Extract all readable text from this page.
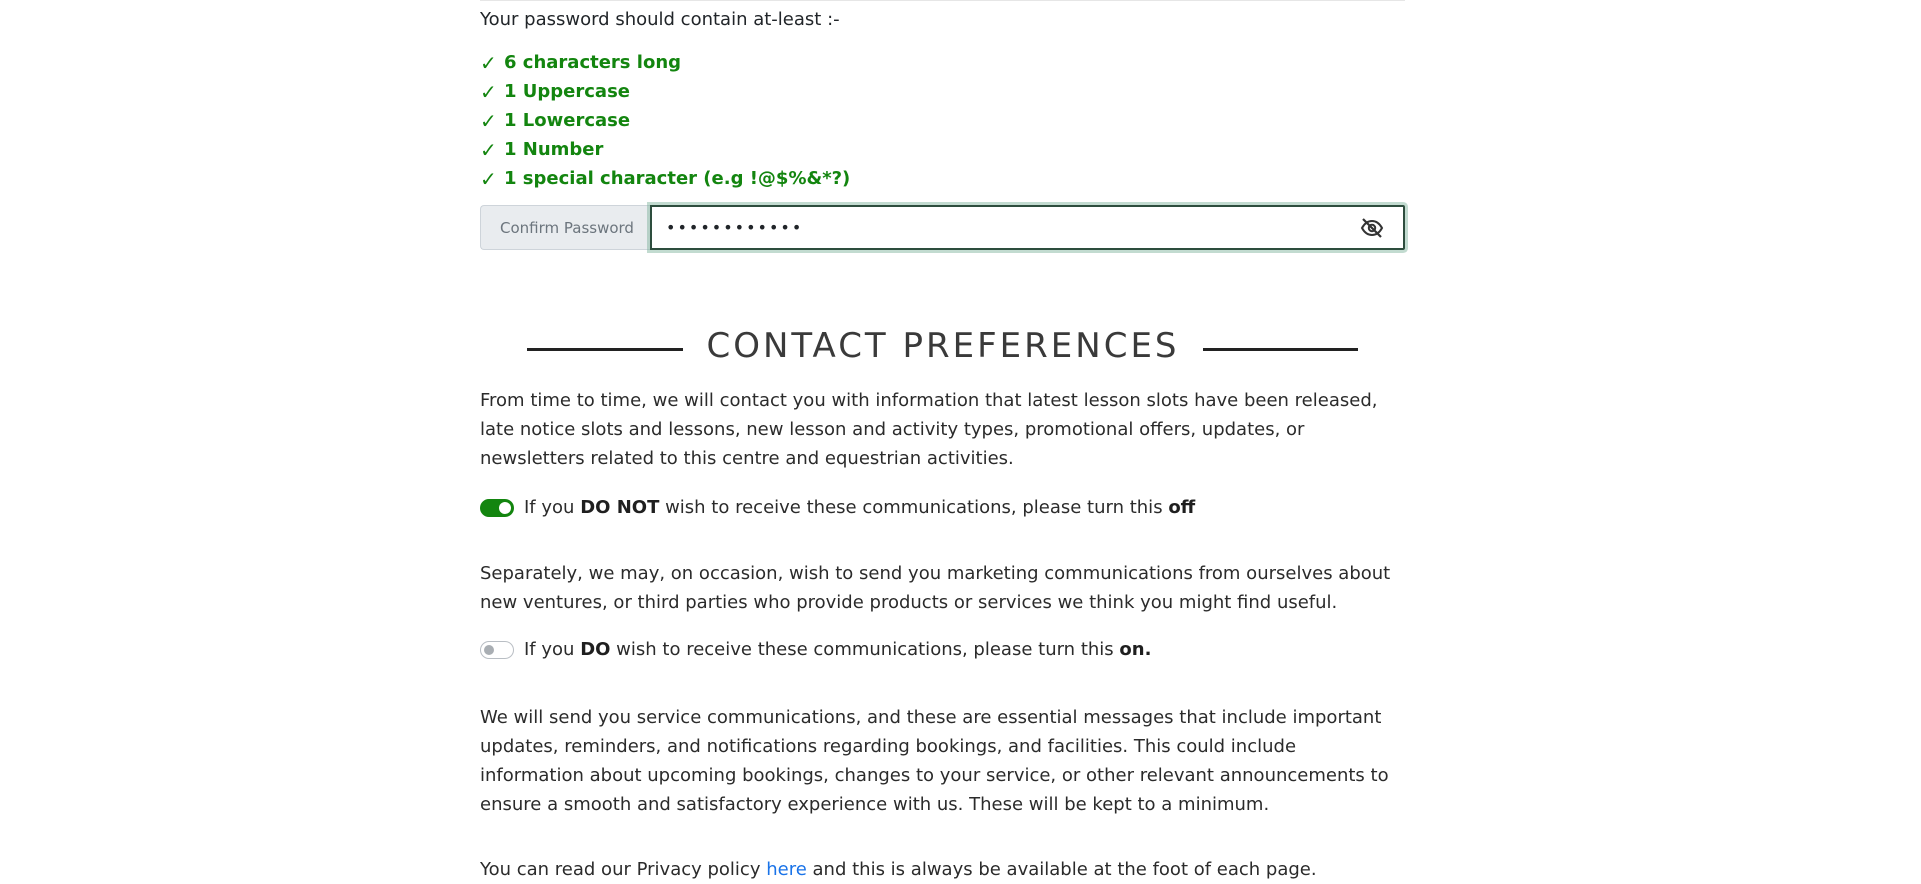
Your password should contain at-least :-
✓ 6 characters long
✓ 1 Uppercase
✓ 1 Lowercase
✓ 1 Number
✓ 1 special character (e.g !@$%&*?)
Confirm Password
••••••••••••
CONTACT PREFERENCES
From time to time, we will contact you with information that latest lesson slots have been released, late notice slots and lessons, new lesson and activity types, promotional offers, updates, or newsletters related to this centre and equestrian activities.
If you
DO NOT
wish to receive these communications, please turn this
off
Separately, we may, on occasion, wish to send you marketing communications from ourselves about new ventures, or third parties who provide products or services we think you might find useful.
If you
DO
wish to receive these communications, please turn this
on.
We will send you service communications, and these are essential messages that include important updates, reminders, and notifications regarding bookings, and facilities. This could include information about upcoming bookings, changes to your service, or other relevant announcements to ensure a smooth and satisfactory experience with us. These will be kept to a minimum.
You can read our Privacy policy here and this is always be available at the foot of each page.
